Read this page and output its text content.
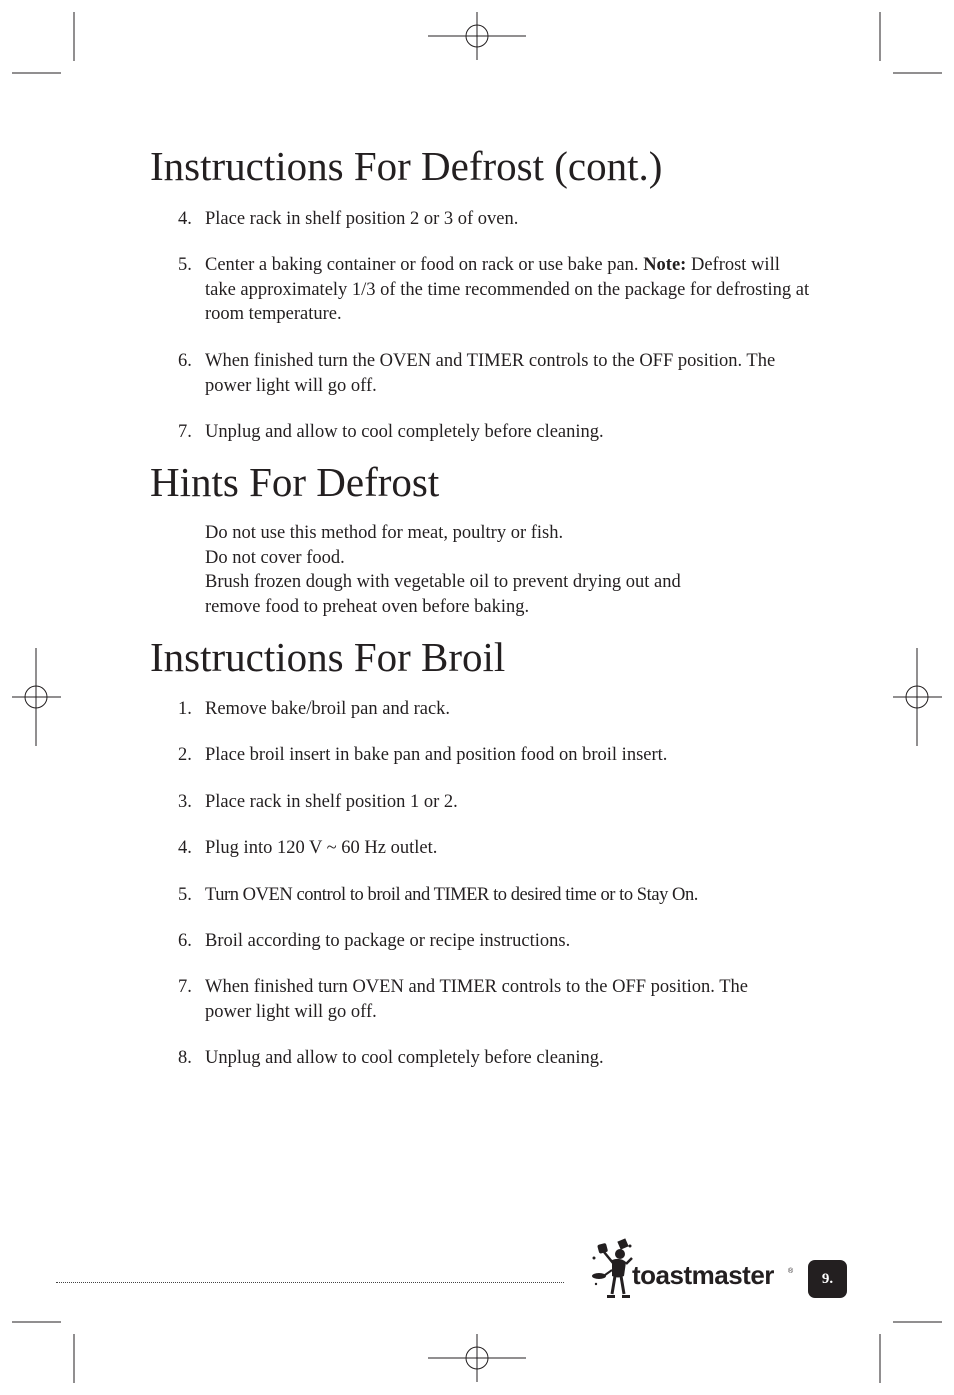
Instructions For Defrost (cont.)
4. Place rack in shelf position 2 or 3 of oven.
5. Center a baking container or food on rack or use bake pan. Note: Defrost will take approximately 1/3 of the time recommended on the package for defrosting at room temperature.
6. When finished turn the OVEN and TIMER controls to the OFF position. The power light will go off.
7. Unplug and allow to cool completely before cleaning.
Hints For Defrost
Do not use this method for meat, poultry or fish.
Do not cover food.
Brush frozen dough with vegetable oil to prevent drying out and
remove food to preheat oven before baking.
Instructions For Broil
1. Remove bake/broil pan and rack.
2. Place broil insert in bake pan and position food on broil insert.
3. Place rack in shelf position 1 or 2.
4. Plug into 120 V ~ 60 Hz outlet.
5. Turn OVEN control to broil and TIMER to desired time or to Stay On.
6. Broil according to package or recipe instructions.
7. When finished turn OVEN and TIMER controls to the OFF position. The power light will go off.
8. Unplug and allow to cool completely before cleaning.
toastmaster ® 9.
